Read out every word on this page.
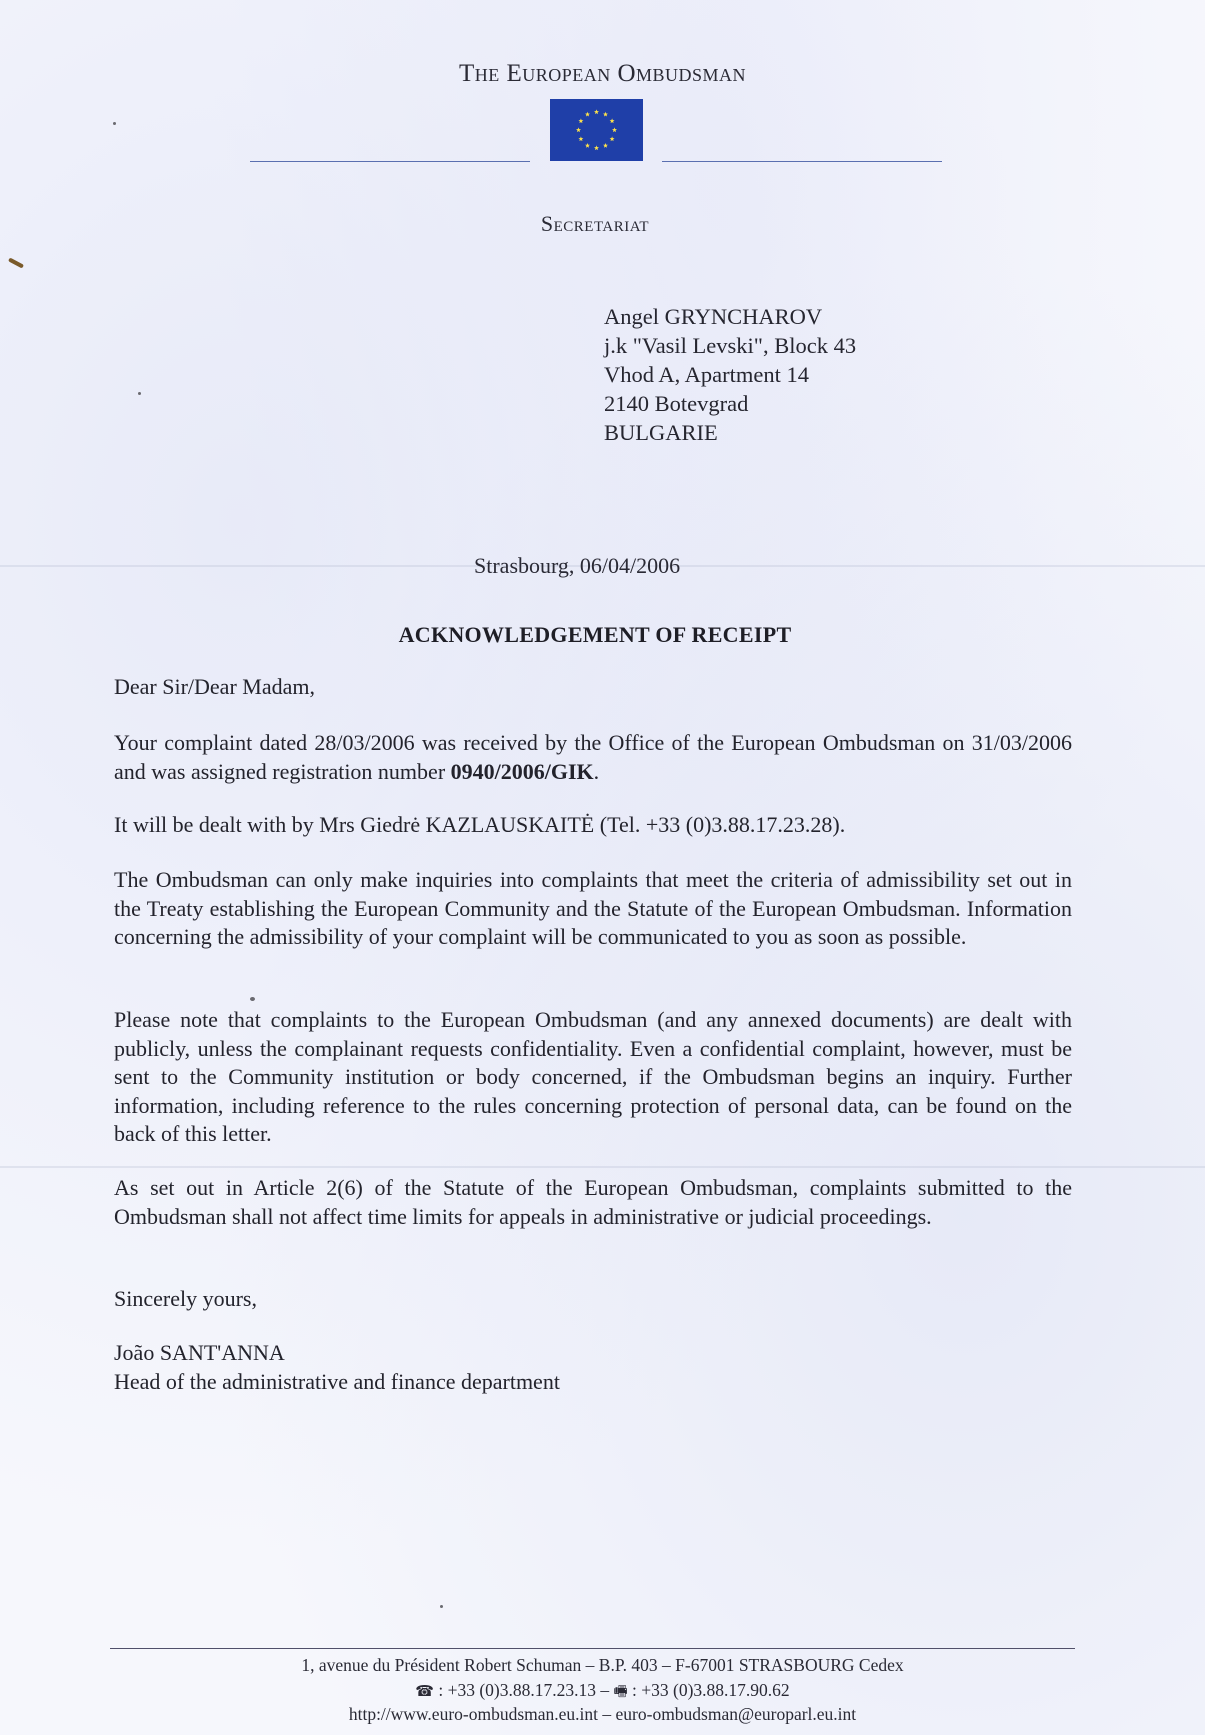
The European Ombudsman
Secretariat
Angel GRYNCHAROV
j.k "Vasil Levski", Block 43
Vhod A, Apartment 14
2140 Botevgrad
BULGARIE
Strasbourg, 06/04/2006
ACKNOWLEDGEMENT OF RECEIPT
Dear Sir/Dear Madam,
Your complaint dated 28/03/2006 was received by the Office of the European Ombudsman on 31/03/2006 and was assigned registration number 0940/2006/GIK.
It will be dealt with by Mrs Giedrė KAZLAUSKAITĖ (Tel. +33 (0)3.88.17.23.28).
The Ombudsman can only make inquiries into complaints that meet the criteria of admissibility set out in the Treaty establishing the European Community and the Statute of the European Ombudsman. Information concerning the admissibility of your complaint will be communicated to you as soon as possible.
Please note that complaints to the European Ombudsman (and any annexed documents) are dealt with publicly, unless the complainant requests confidentiality. Even a confidential complaint, however, must be sent to the Community institution or body concerned, if the Ombudsman begins an inquiry. Further information, including reference to the rules concerning protection of personal data, can be found on the back of this letter.
As set out in Article 2(6) of the Statute of the European Ombudsman, complaints submitted to the Ombudsman shall not affect time limits for appeals in administrative or judicial proceedings.
Sincerely yours,
João SANT'ANNA
Head of the administrative and finance department
1, avenue du Président Robert Schuman – B.P. 403 – F-67001 STRASBOURG Cedex
☎ : +33 (0)3.88.17.23.13 – 🖷 : +33 (0)3.88.17.90.62
http://www.euro-ombudsman.eu.int – euro-ombudsman@europarl.eu.int
